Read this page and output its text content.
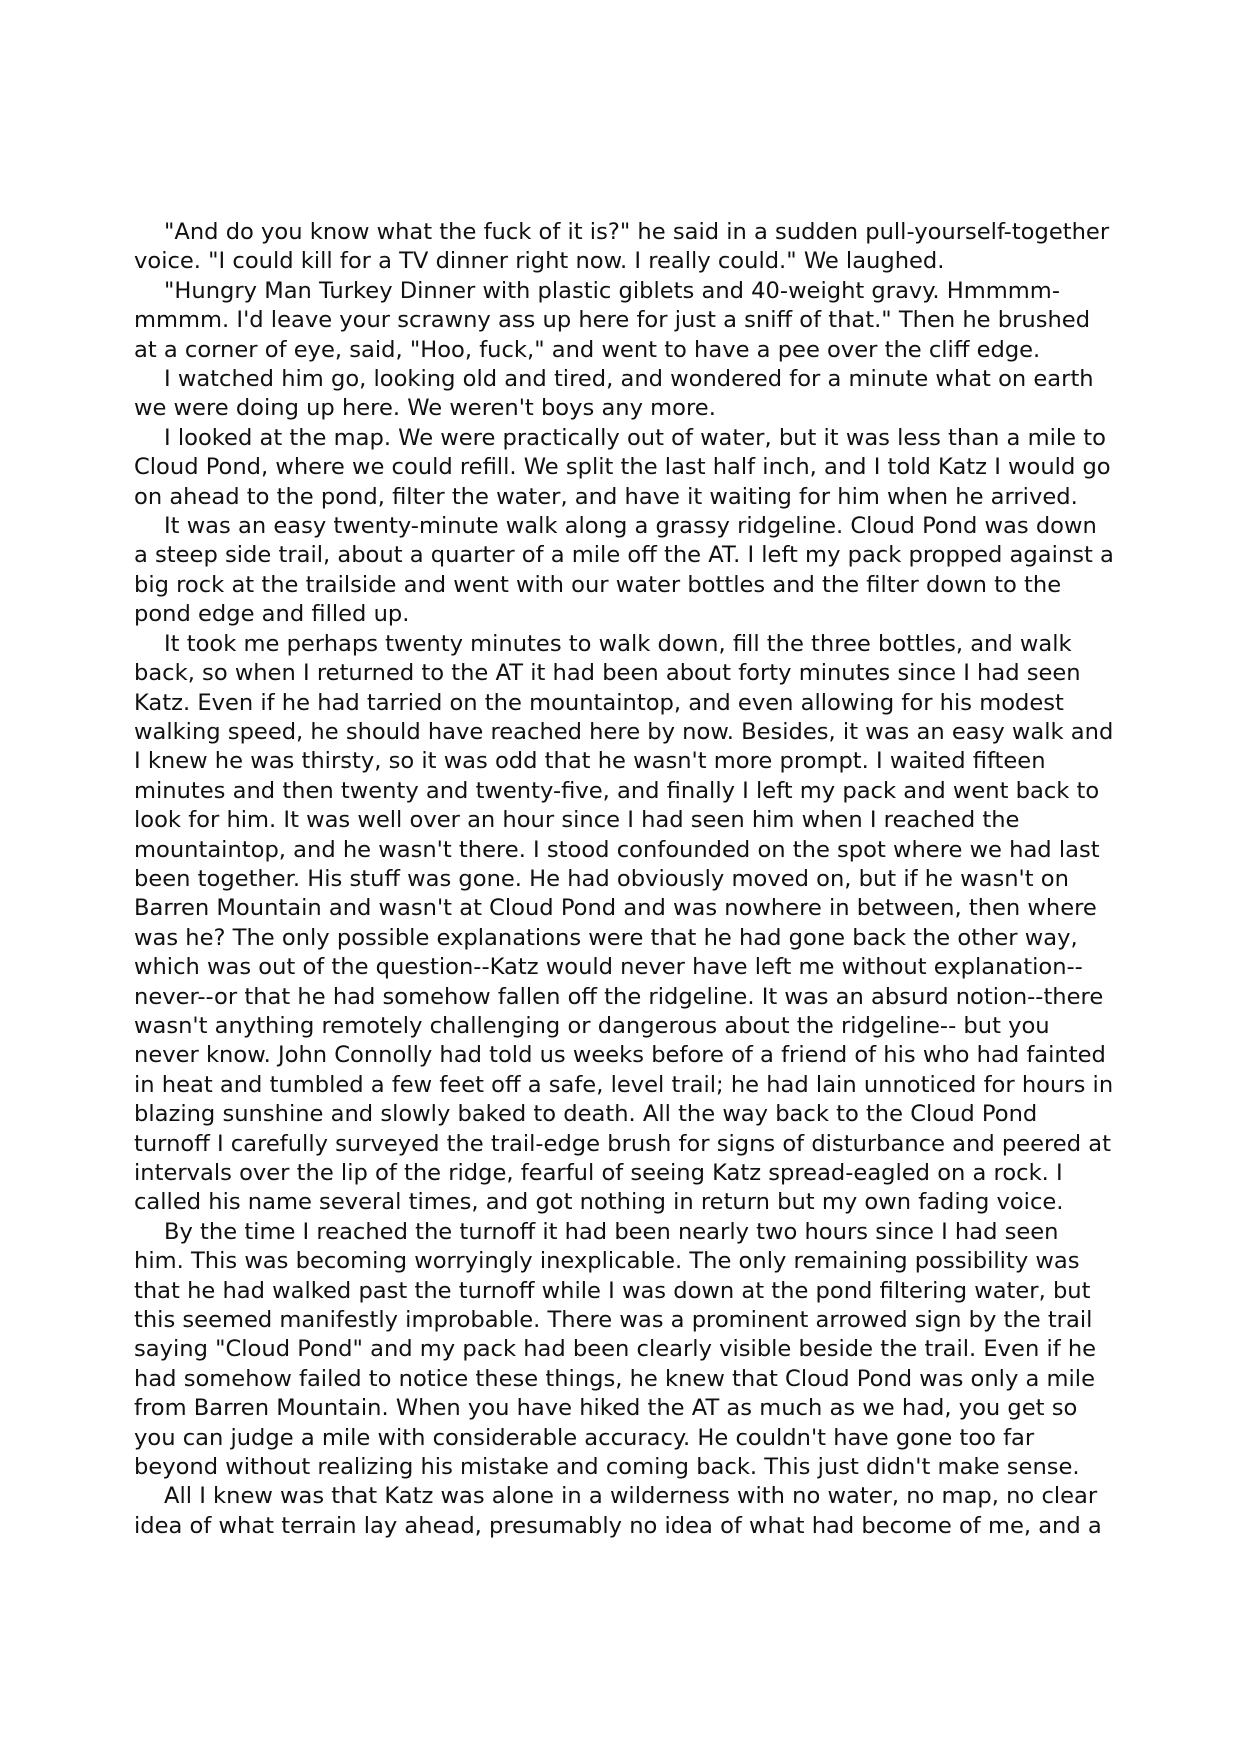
"And do you know what the fuck of it is?" he said in a sudden pull-yourself-together voice. "I could kill for a TV dinner right now. I really could." We laughed.

"Hungry Man Turkey Dinner with plastic giblets and 40-weight gravy. Hmmmm-mmmm. I'd leave your scrawny ass up here for just a sniff of that." Then he brushed at a corner of eye, said, "Hoo, fuck," and went to have a pee over the cliff edge.

I watched him go, looking old and tired, and wondered for a minute what on earth we were doing up here. We weren't boys any more.

I looked at the map. We were practically out of water, but it was less than a mile to Cloud Pond, where we could refill. We split the last half inch, and I told Katz I would go on ahead to the pond, filter the water, and have it waiting for him when he arrived.

It was an easy twenty-minute walk along a grassy ridgeline. Cloud Pond was down a steep side trail, about a quarter of a mile off the AT. I left my pack propped against a big rock at the trailside and went with our water bottles and the filter down to the pond edge and filled up.

It took me perhaps twenty minutes to walk down, fill the three bottles, and walk back, so when I returned to the AT it had been about forty minutes since I had seen Katz. Even if he had tarried on the mountaintop, and even allowing for his modest walking speed, he should have reached here by now. Besides, it was an easy walk and I knew he was thirsty, so it was odd that he wasn't more prompt. I waited fifteen minutes and then twenty and twenty-five, and finally I left my pack and went back to look for him. It was well over an hour since I had seen him when I reached the mountaintop, and he wasn't there. I stood confounded on the spot where we had last been together. His stuff was gone. He had obviously moved on, but if he wasn't on Barren Mountain and wasn't at Cloud Pond and was nowhere in between, then where was he? The only possible explanations were that he had gone back the other way, which was out of the question--Katz would never have left me without explanation--never--or that he had somehow fallen off the ridgeline. It was an absurd notion--there wasn't anything remotely challenging or dangerous about the ridgeline-- but you never know. John Connolly had told us weeks before of a friend of his who had fainted in heat and tumbled a few feet off a safe, level trail; he had lain unnoticed for hours in blazing sunshine and slowly baked to death. All the way back to the Cloud Pond turnoff I carefully surveyed the trail-edge brush for signs of disturbance and peered at intervals over the lip of the ridge, fearful of seeing Katz spread-eagled on a rock. I called his name several times, and got nothing in return but my own fading voice.

By the time I reached the turnoff it had been nearly two hours since I had seen him. This was becoming worryingly inexplicable. The only remaining possibility was that he had walked past the turnoff while I was down at the pond filtering water, but this seemed manifestly improbable. There was a prominent arrowed sign by the trail saying "Cloud Pond" and my pack had been clearly visible beside the trail. Even if he had somehow failed to notice these things, he knew that Cloud Pond was only a mile from Barren Mountain. When you have hiked the AT as much as we had, you get so you can judge a mile with considerable accuracy. He couldn't have gone too far beyond without realizing his mistake and coming back. This just didn't make sense.

All I knew was that Katz was alone in a wilderness with no water, no map, no clear idea of what terrain lay ahead, presumably no idea of what had become of me, and a
